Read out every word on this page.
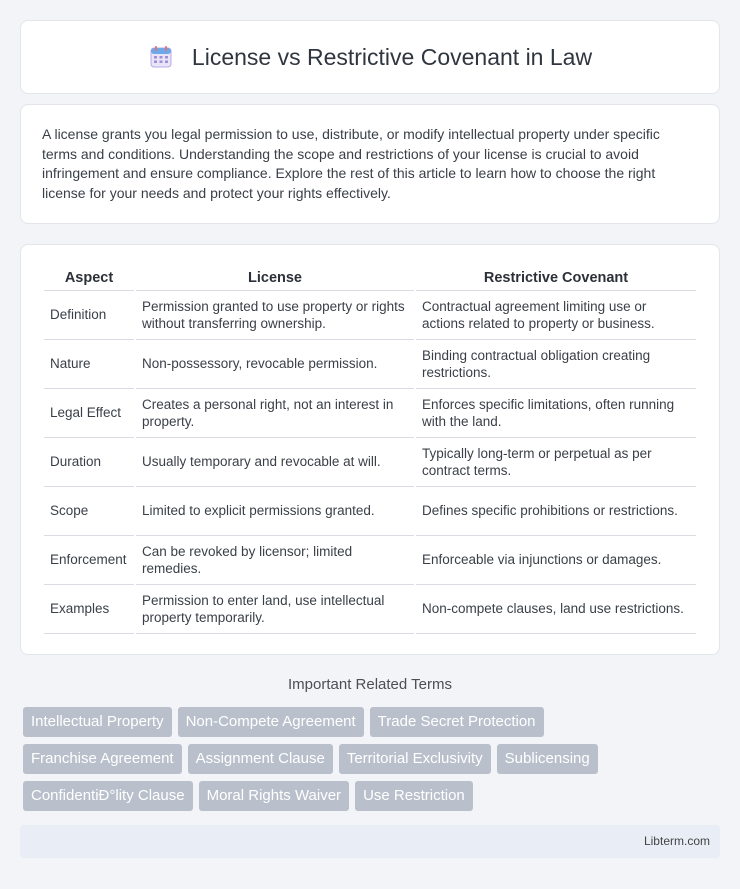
License vs Restrictive Covenant in Law

A license grants you legal permission to use, distribute, or modify intellectual property under specific terms and conditions. Understanding the scope and restrictions of your license is crucial to avoid infringement and ensure compliance. Explore the rest of this article to learn how to choose the right license for your needs and protect your rights effectively.

Aspect	License	Restrictive Covenant
Definition	Permission granted to use property or rights without transferring ownership.	Contractual agreement limiting use or actions related to property or business.
Nature	Non-possessory, revocable permission.	Binding contractual obligation creating restrictions.
Legal Effect	Creates a personal right, not an interest in property.	Enforces specific limitations, often running with the land.
Duration	Usually temporary and revocable at will.	Typically long-term or perpetual as per contract terms.
Scope	Limited to explicit permissions granted.	Defines specific prohibitions or restrictions.
Enforcement	Can be revoked by licensor; limited remedies.	Enforceable via injunctions or damages.
Examples	Permission to enter land, use intellectual property temporarily.	Non-compete clauses, land use restrictions.
Important Related Terms
Intellectual Property	Non-Compete Agreement	Trade Secret Protection
Franchise Agreement	Assignment Clause	Territorial Exclusivity	Sublicensing
ConfidentiÐ°lity Clause	Moral Rights Waiver	Use Restriction
Libterm.com
